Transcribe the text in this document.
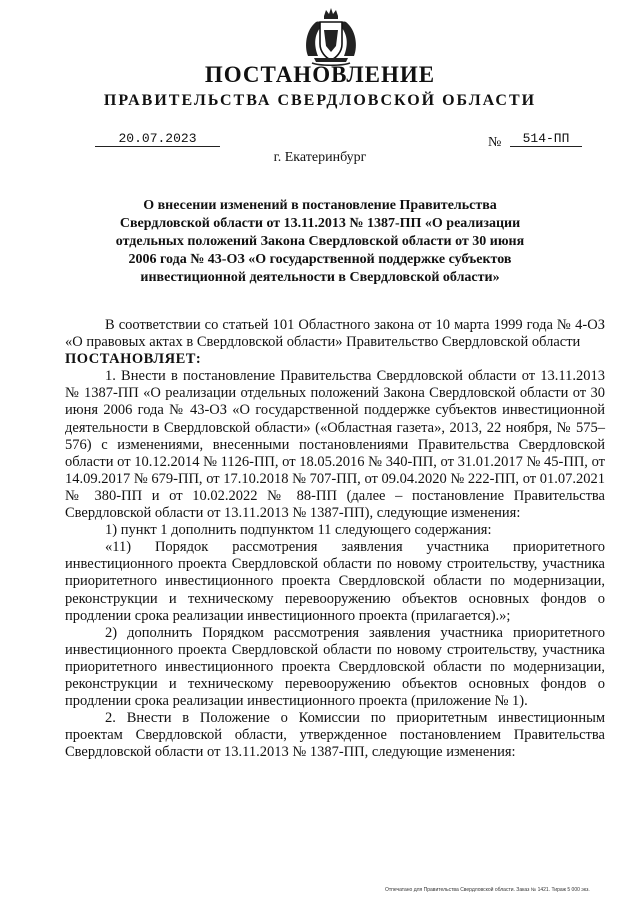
ПОСТАНОВЛЕНИЕ
ПРАВИТЕЛЬСТВА СВЕРДЛОВСКОЙ ОБЛАСТИ
20.07.2023	№	514-ПП
г. Екатеринбург
О внесении изменений в постановление Правительства Свердловской области от 13.11.2013 № 1387-ПП «О реализации отдельных положений Закона Свердловской области от 30 июня 2006 года № 43-ОЗ «О государственной поддержке субъектов инвестиционной деятельности в Свердловской области»

В соответствии со статьей 101 Областного закона от 10 марта 1999 года № 4-ОЗ «О правовых актах в Свердловской области» Правительство Свердловской области

ПОСТАНОВЛЯЕТ:

1. Внести в постановление Правительства Свердловской области от 13.11.2013 № 1387-ПП «О реализации отдельных положений Закона Свердловской области от 30 июня 2006 года № 43-ОЗ «О государственной поддержке субъектов инвестиционной деятельности в Свердловской области» («Областная газета», 2013, 22 ноября, № 575–576) с изменениями, внесенными постановлениями Правительства Свердловской области от 10.12.2014 № 1126-ПП, от 18.05.2016 № 340-ПП, от 31.01.2017 № 45-ПП, от 14.09.2017 № 679-ПП, от 17.10.2018 № 707-ПП, от 09.04.2020 № 222-ПП, от 01.07.2021 № 380-ПП и от 10.02.2022 № 88-ПП (далее – постановление Правительства Свердловской области от 13.11.2013 № 1387-ПП), следующие изменения:

1) пункт 1 дополнить подпунктом 11 следующего содержания:

«11) Порядок рассмотрения заявления участника приоритетного инвестиционного проекта Свердловской области по новому строительству, участника приоритетного инвестиционного проекта Свердловской области по модернизации, реконструкции и техническому перевооружению объектов основных фондов о продлении срока реализации инвестиционного проекта (прилагается).»;

2) дополнить Порядком рассмотрения заявления участника приоритетного инвестиционного проекта Свердловской области по новому строительству, участника приоритетного инвестиционного проекта Свердловской области по модернизации, реконструкции и техническому перевооружению объектов основных фондов о продлении срока реализации инвестиционного проекта (приложение № 1).

2. Внести в Положение о Комиссии по приоритетным инвестиционным проектам Свердловской области, утвержденное постановлением Правительства Свердловской области от 13.11.2013 № 1387-ПП, следующие изменения:

Отпечатано для Правительства Свердловской области. Заказ № 1421. Тираж 5 000 экз.
